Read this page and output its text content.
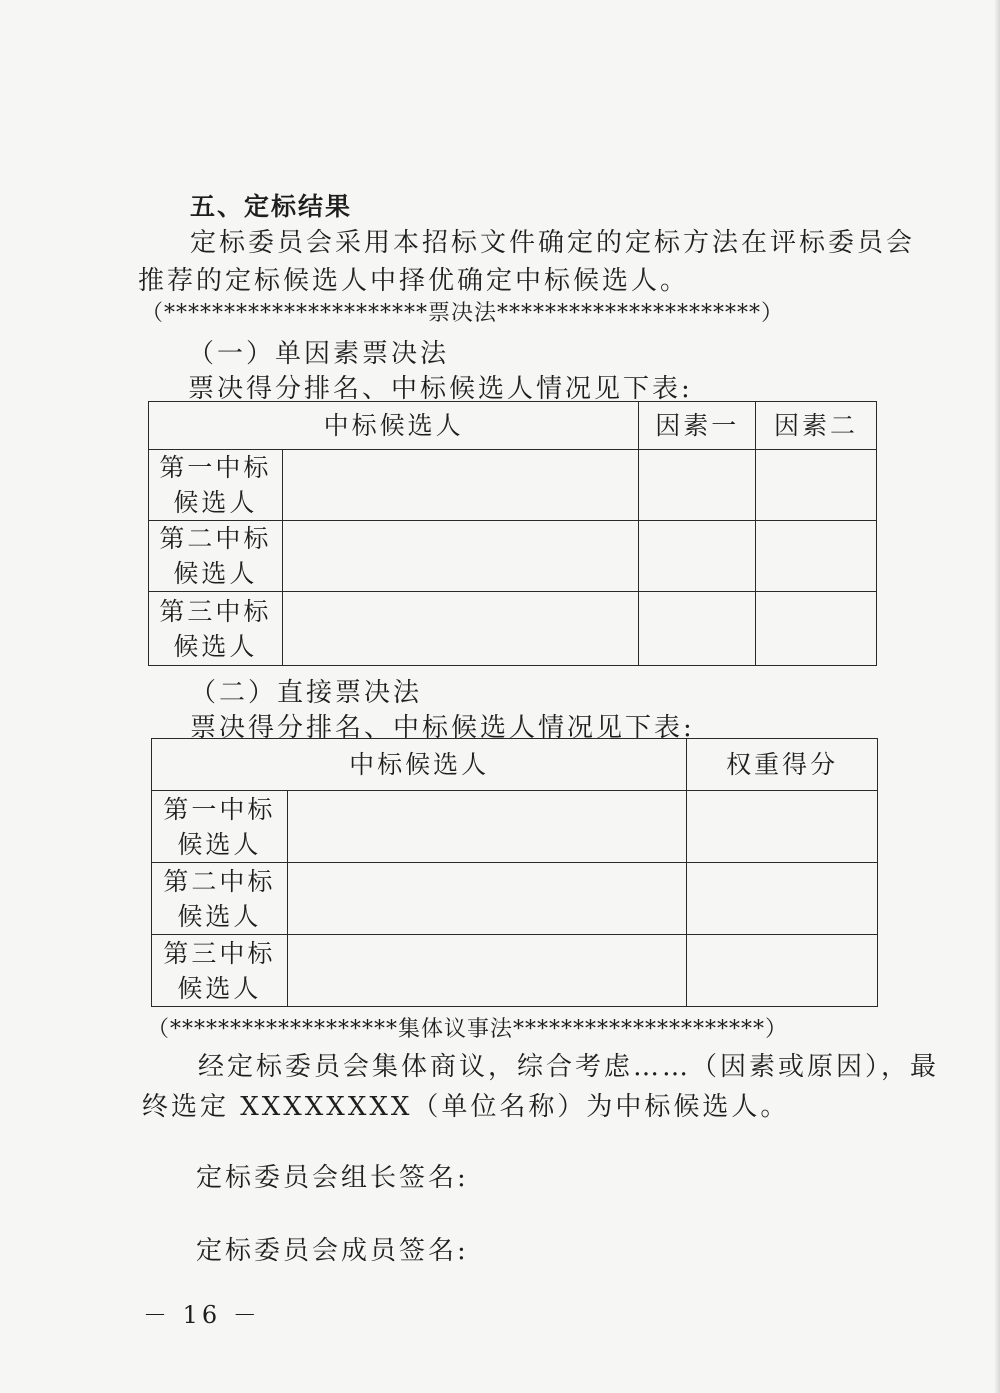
五、定标结果
定标委员会采用本招标文件确定的定标方法在评标委员会
推荐的定标候选人中择优确定中标候选人。
（**********************票决法**********************）
（一）单因素票决法
票决得分排名、中标候选人情况见下表:
中标候选人		因素一	因素二

第一中标
候选人			

第二中标
候选人			

第三中标
候选人			

（二）直接票决法
票决得分排名、中标候选人情况见下表:
中标候选人		权重得分

第一中标
候选人		

第二中标
候选人		

第三中标
候选人		

（*******************集体议事法*********************）
经定标委员会集体商议，综合考虑……（因素或原因），最
终选定 XXXXXXXX（单位名称）为中标候选人。
定标委员会组长签名:
定标委员会成员签名:
－ 16 －
